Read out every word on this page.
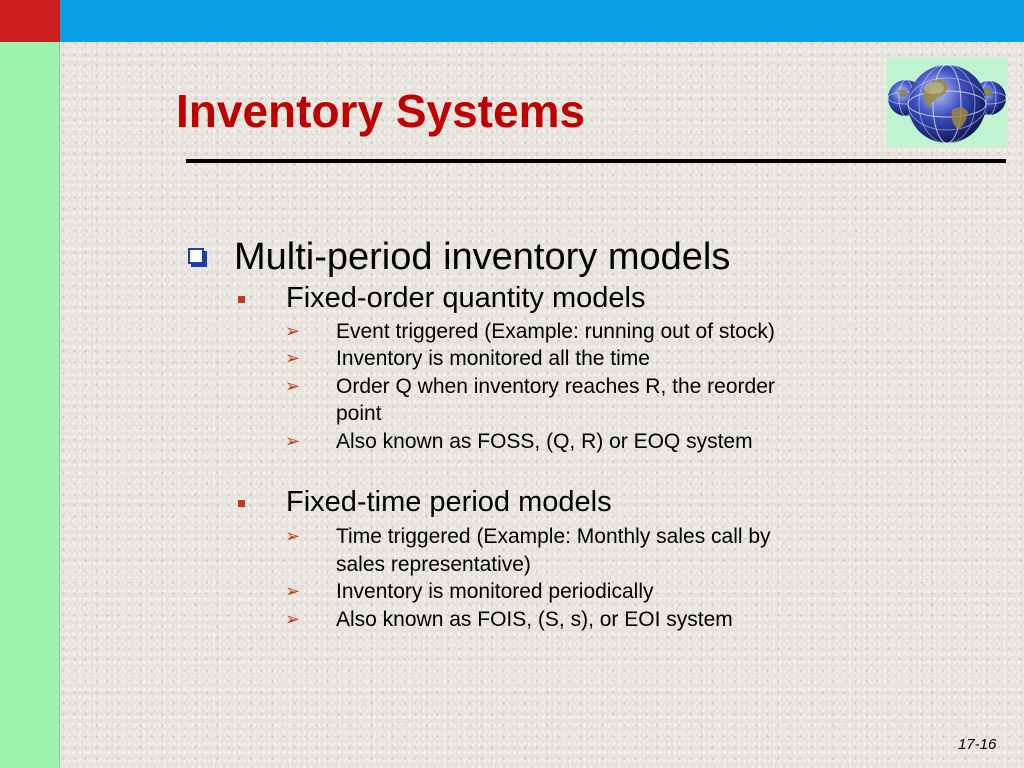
Inventory Systems
Multi-period inventory models
Fixed-order quantity models
➢ Event triggered (Example: running out of stock)
➢ Inventory is monitored all the time
➢ Order Q when inventory reaches R, the reorder
point
➢ Also known as FOSS, (Q, R) or EOQ system
Fixed-time period models
➢ Time triggered (Example: Monthly sales call by
sales representative)
➢ Inventory is monitored periodically
➢ Also known as FOIS, (S, s), or EOI system
17-16
